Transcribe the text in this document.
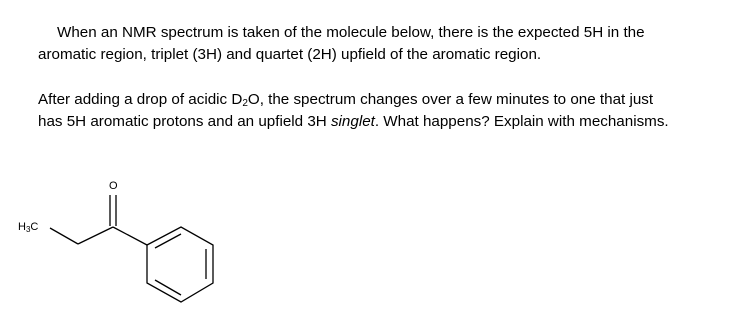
When an NMR spectrum is taken of the molecule below, there is the expected 5H in the

aromatic region, triplet (3H) and quartet (2H) upfield of the aromatic region.

After adding a drop of acidic $D_2O$, the spectrum changes over a few minutes to one that just

has 5H aromatic protons and an upfield 3H singlet. What happens? Explain with mechanisms.

O
H3C
